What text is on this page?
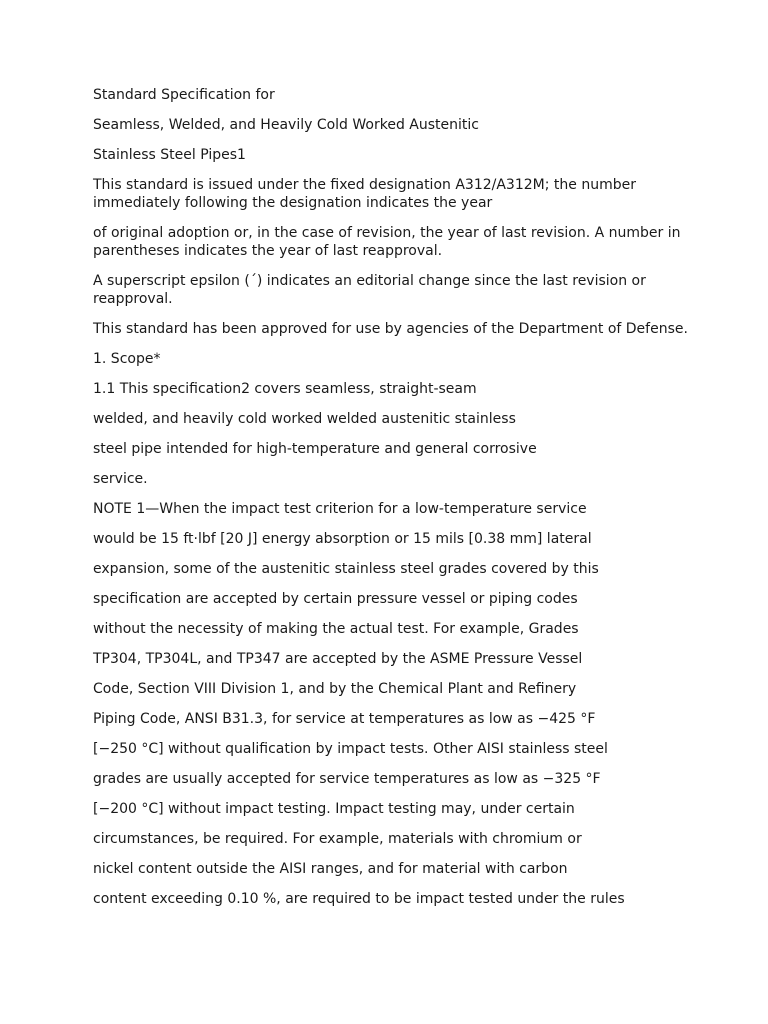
Standard Specification for

Seamless, Welded, and Heavily Cold Worked Austenitic

Stainless Steel Pipes1

This standard is issued under the fixed designation A312/A312M; the number immediately following the designation indicates the year

of original adoption or, in the case of revision, the year of last revision. A number in parentheses indicates the year of last reapproval.

A superscript epsilon (´) indicates an editorial change since the last revision or reapproval.

This standard has been approved for use by agencies of the Department of Defense.

1. Scope*

1.1 This specification2 covers seamless, straight-seam

welded, and heavily cold worked welded austenitic stainless

steel pipe intended for high-temperature and general corrosive

service.

NOTE 1—When the impact test criterion for a low-temperature service

would be 15 ft·lbf [20 J] energy absorption or 15 mils [0.38 mm] lateral

expansion, some of the austenitic stainless steel grades covered by this

specification are accepted by certain pressure vessel or piping codes

without the necessity of making the actual test. For example, Grades

TP304, TP304L, and TP347 are accepted by the ASME Pressure Vessel

Code, Section VIII Division 1, and by the Chemical Plant and Refinery

Piping Code, ANSI B31.3, for service at temperatures as low as −425 °F

[−250 °C] without qualification by impact tests. Other AISI stainless steel

grades are usually accepted for service temperatures as low as −325 °F

[−200 °C] without impact testing. Impact testing may, under certain

circumstances, be required. For example, materials with chromium or

nickel content outside the AISI ranges, and for material with carbon

content exceeding 0.10 %, are required to be impact tested under the rules
